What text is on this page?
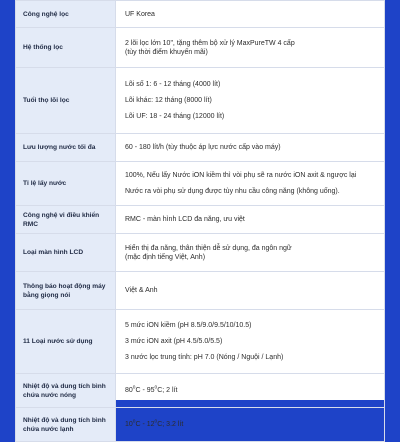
Công nghệ lọc	UF Korea

Hệ thống lọc	2 lõi lọc lớn 10", tặng thêm bộ xử lý MaxPureTW 4 cấp
(tùy thời điểm khuyến mãi)

Tuổi thọ lõi lọc	Lõi số 1: 6 - 12 tháng (4000 lít)
Lõi khác: 12 tháng (8000 lít)
Lõi UF: 18 - 24 tháng (12000 lít)

Lưu lượng nước tối đa	60 - 180 lít/h (tùy thuộc áp lực nước cấp vào máy)

Tỉ lệ lấy nước	100%, Nếu lấy Nước iON kiềm thì vòi phụ sẽ ra nước iON axit & ngược lại
Nước ra vòi phụ sử dụng được tùy nhu cầu công năng (không uống).

Công nghệ vi điều khiển RMC	RMC - màn hình LCD đa năng, ưu việt

Loại màn hình LCD	Hiển thị đa năng, thân thiện dễ sử dụng, đa ngôn ngữ
(mặc định tiếng Việt, Anh)

Thông báo hoạt động máy bằng giọng nói	Việt & Anh

11 Loại nước sử dụng	5 mức iON kiềm (pH 8.5/9.0/9.5/10/10.5)
3 mức iON axit (pH 4.5/5.0/5.5)
3 nước lọc trung tính: pH 7.0 (Nóng / Nguội / Lạnh)

Nhiệt độ và dung tích bình chứa nước nóng	$80^0C - 95^0C$; 2 lít

Nhiệt độ và dung tích bình chứa nước lạnh	$10^0C - 12^0C$; 3.2 lít
